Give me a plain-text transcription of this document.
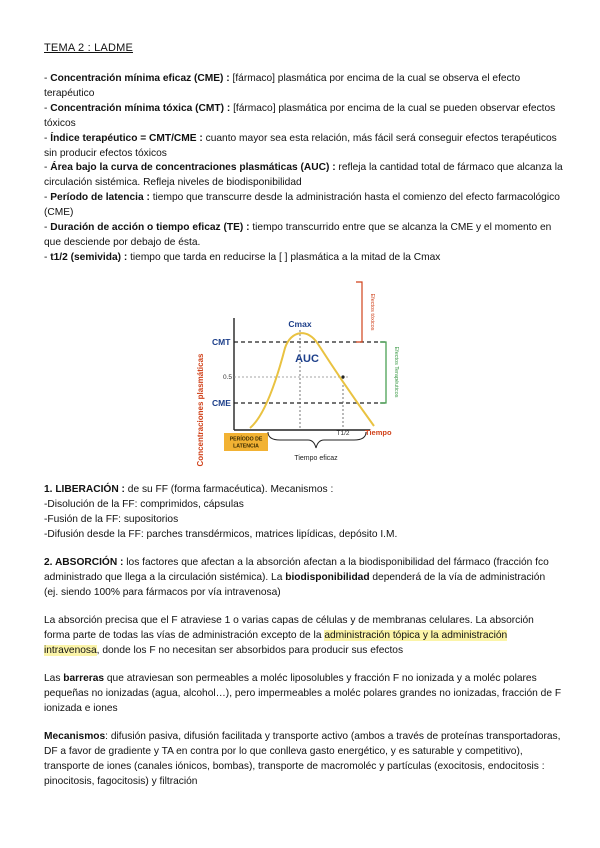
TEMA 2 : LADME

- Concentración mínima eficaz (CME) : [fármaco] plasmática por encima de la cual se observa el efecto terapéutico

- Concentración mínima tóxica (CMT) : [fármaco] plasmática por encima de la cual se pueden observar efectos tóxicos

- Índice terapéutico = CMT/CME : cuanto mayor sea esta relación, más fácil será conseguir efectos terapéuticos sin producir efectos tóxicos

- Área bajo la curva de concentraciones plasmáticas (AUC) : refleja la cantidad total de fármaco que alcanza la circulación sistémica. Refleja niveles de biodisponibilidad

- Período de latencia : tiempo que transcurre desde la administración hasta el comienzo del efecto farmacológico (CME)

- Duración de acción o tiempo eficaz (TE) : tiempo transcurrido entre que se alcanza la CME y el momento en que desciende por debajo de ésta.

- t1/2 (semivida) : tiempo que tarda en reducirse la [ ] plasmática a la mitad de la Cmax

Concentraciones plasmáticas
Cmax
CMT
CME
0.5
AUC
T1/2 Tiempo
PERÍODO DE
LATENCIA
Tiempo eficaz
Efectos tóxicos
Efectos Terapéuticos

1. LIBERACIÓN : de su FF (forma farmacéutica). Mecanismos :

-Disolución de la FF: comprimidos, cápsulas

-Fusión de la FF: supositorios

-Difusión desde la FF: parches transdérmicos, matrices lipídicas, depósito I.M.

2. ABSORCIÓN : los factores que afectan a la absorción afectan a la biodisponibilidad del fármaco (fracción fco administrado que llega a la circulación sistémica). La biodisponibilidad dependerá de la vía de administración (ej. siendo 100% para fármacos por vía intravenosa)

La absorción precisa que el F atraviese 1 o varias capas de células y de membranas celulares. La absorción forma parte de todas las vías de administración excepto de la administración tópica y la administración intravenosa, donde los F no necesitan ser absorbidos para producir sus efectos

Las barreras que atraviesan son permeables a moléc liposolubles y fracción F no ionizada y a moléc polares pequeñas no ionizadas (agua, alcohol…), pero impermeables a moléc polares grandes no ionizadas, fracción de F ionizada e iones

Mecanismos: difusión pasiva, difusión facilitada y transporte activo (ambos a través de proteínas transportadoras, DF a favor de gradiente y TA en contra por lo que conlleva gasto energético, y es saturable y competitivo), transporte de iones (canales iónicos, bombas), transporte de macromoléc y partículas (exocitosis, endocitosis : pinocitosis, fagocitosis) y filtración
